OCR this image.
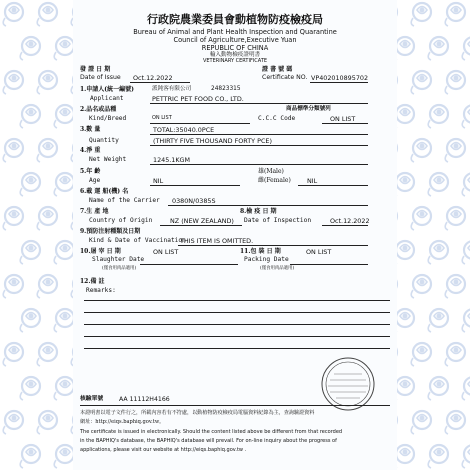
行政院農業委員會動植物防疫檢疫局
Bureau of Animal and Plant Health Inspection and Quarantine
Council of Agriculture,Executive Yuan
REPUBLIC OF CHINA
輸入動物檢疫證明書
VETERINARY CERTIFICATE
發 證 日 期
Date of Issue Oct.12.2022
證 書 號 碼
Certificate NO. VP402010895702
1.申請人(統一編號)
Applicant
派鈍客有限公司	24823315
PETTRIC PET FOOD CO., LTD.
2.品名或品種
Kind/Breed	ON LIST
商品標準分類號列
C.C.C Code	ON LIST
3.數 量
Quantity
TOTAL:35040.0PCE
(THIRTY FIVE THOUSAND FORTY PCE)
4.淨 重
Net Weight	1245.1KGM
5.年 齡
Age	NIL
雄(Male)
雌(Female)	NIL
6.載 運 船(機) 名
Name of the Carrier 0380N/0385S
7.生 產 地
Country of Origin	NZ (NEW ZEALAND)
8.檢 疫 日 期
Date of Inspection	Oct.12.2022
9.預防注射種類及日期
Kind & Date of Vaccination
THIS ITEM IS OMITTED.
10.屠 宰 日 期	ON LIST
Slaughter Date
(僅食用肉品適用)
11.包 裝 日 期	ON LIST
Packing Date
(僅食用肉品適用)
12.備 註
Remarks:
核驗單號	AA 11112H4166
本證明書以電子文件行之，所載內容若有不符處，以動植物防疫檢疫局電腦資料紀錄為主，查詢驗證資料
網址：http://eiqs.baphiq.gov.tw。
The certificate is issued in electronically. Should the content listed above be different from that recorded
in the BAPHIQ's database, the BAPHIQ's database will prevail. For on-line inquiry about the progress of
applications, please visit our website at http://eiqs.baphiq.gov.tw .
